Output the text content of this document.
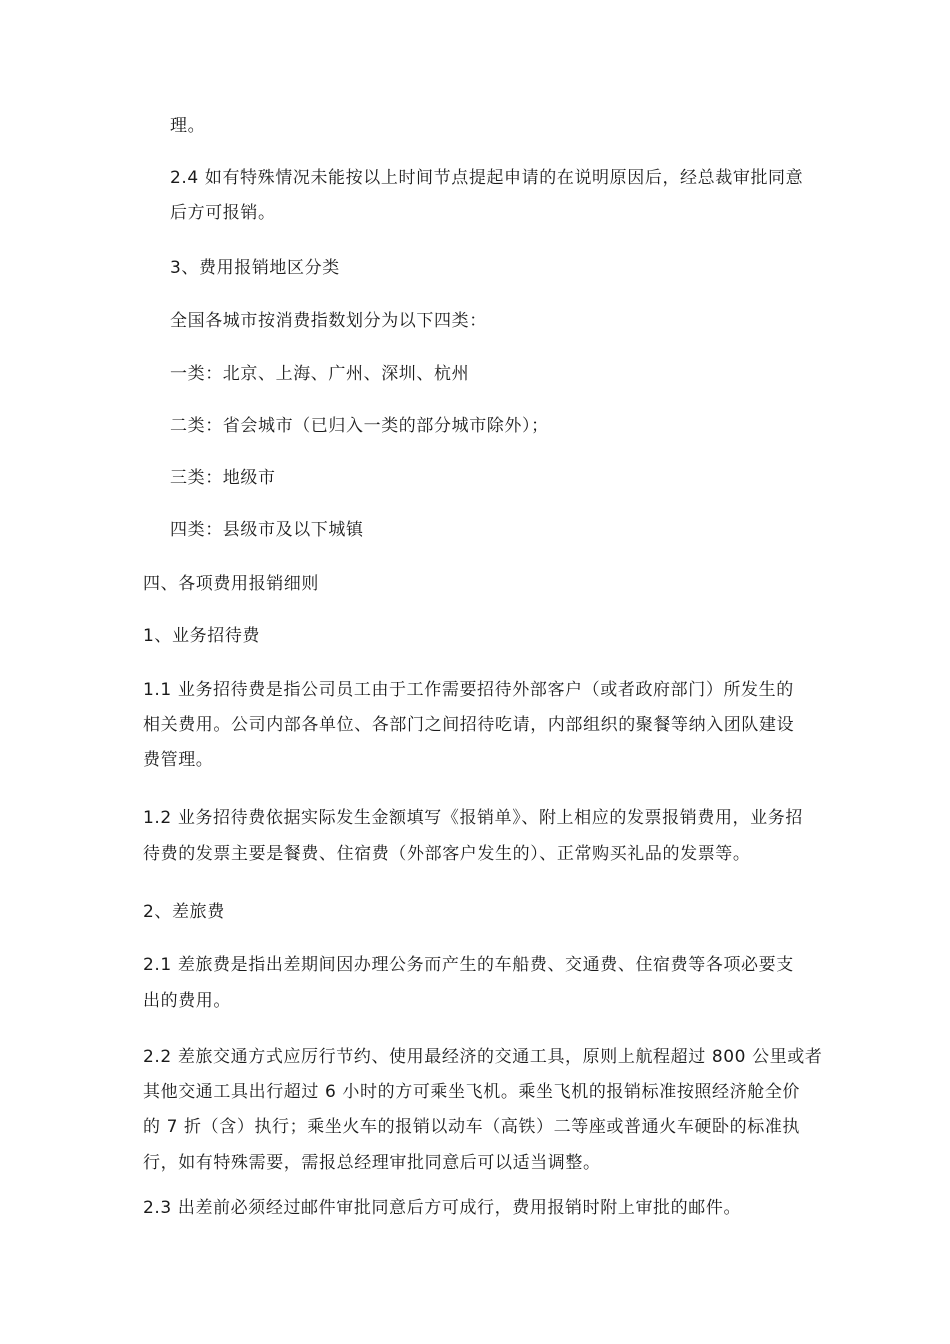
理。
2.4 如有特殊情况未能按以上时间节点提起申请的在说明原因后，经总裁审批同意
后方可报销。
3、费用报销地区分类
全国各城市按消费指数划分为以下四类：
一类：北京、上海、广州、深圳、杭州
二类：省会城市（已归入一类的部分城市除外）；
三类：地级市
四类：县级市及以下城镇
四、各项费用报销细则
1、业务招待费
1.1 业务招待费是指公司员工由于工作需要招待外部客户（或者政府部门）所发生的
相关费用。公司内部各单位、各部门之间招待吃请，内部组织的聚餐等纳入团队建设
费管理。
1.2 业务招待费依据实际发生金额填写《报销单》、附上相应的发票报销费用，业务招
待费的发票主要是餐费、住宿费（外部客户发生的）、正常购买礼品的发票等。
2、差旅费
2.1 差旅费是指出差期间因办理公务而产生的车船费、交通费、住宿费等各项必要支
出的费用。
2.2 差旅交通方式应厉行节约、使用最经济的交通工具，原则上航程超过 800 公里或者
其他交通工具出行超过 6 小时的方可乘坐飞机。乘坐飞机的报销标准按照经济舱全价
的 7 折（含）执行；乘坐火车的报销以动车（高铁）二等座或普通火车硬卧的标准执
行，如有特殊需要，需报总经理审批同意后可以适当调整。
2.3 出差前必须经过邮件审批同意后方可成行，费用报销时附上审批的邮件。
